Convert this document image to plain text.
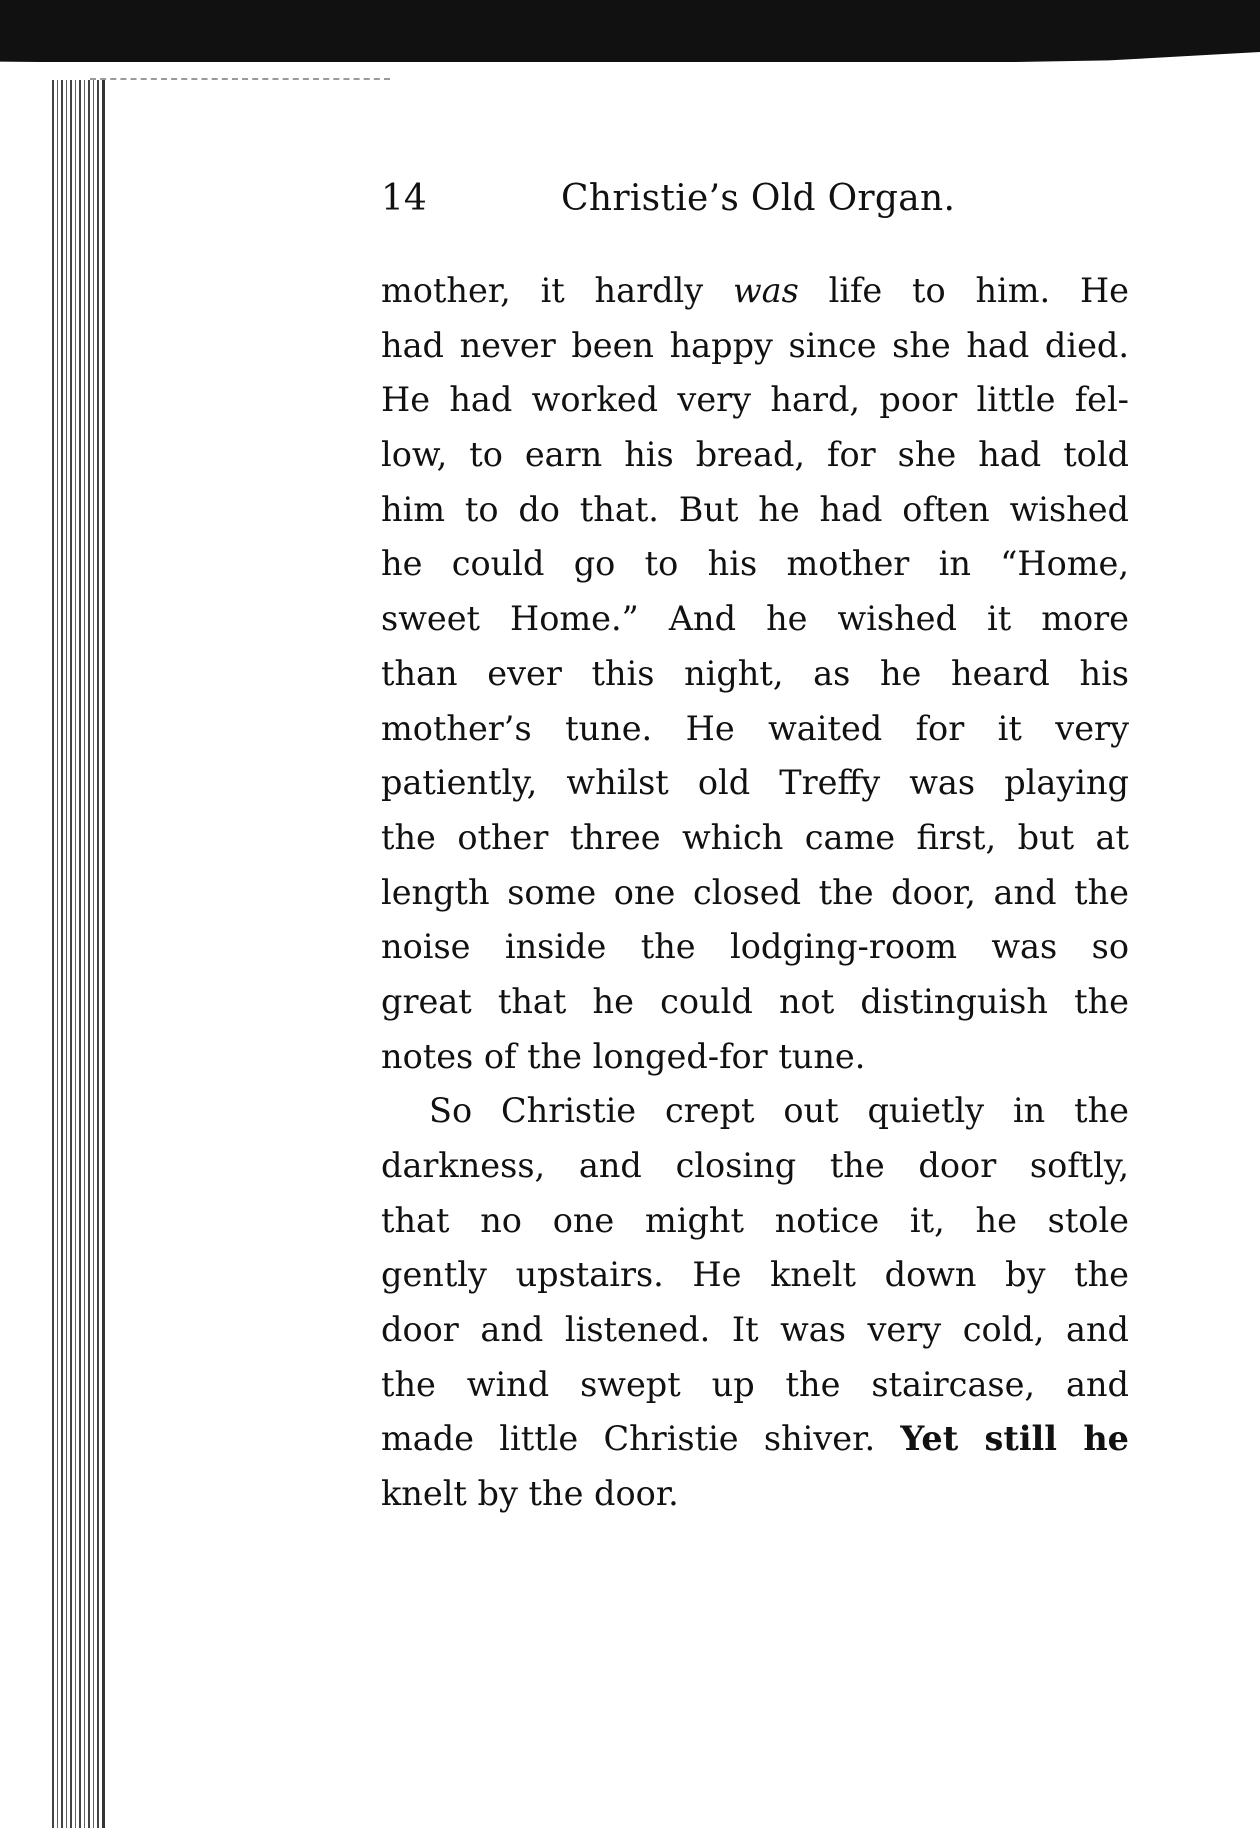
14	Christie’s Old Organ.
mother, it hardly was life to him. He
had never been happy since she had died.
He had worked very hard, poor little fel-
low, to earn his bread, for she had told
him to do that. But he had often wished
he could go to his mother in “Home,
sweet Home.” And he wished it more
than ever this night, as he heard his
mother’s tune. He waited for it very
patiently, whilst old Treffy was playing
the other three which came first, but at
length some one closed the door, and the
noise inside the lodging-room was so
great that he could not distinguish the
notes of the longed-for tune.
So Christie crept out quietly in the
darkness, and closing the door softly,
that no one might notice it, he stole
gently upstairs. He knelt down by the
door and listened. It was very cold, and
the wind swept up the staircase, and
made little Christie shiver. Yet still he
knelt by the door.
